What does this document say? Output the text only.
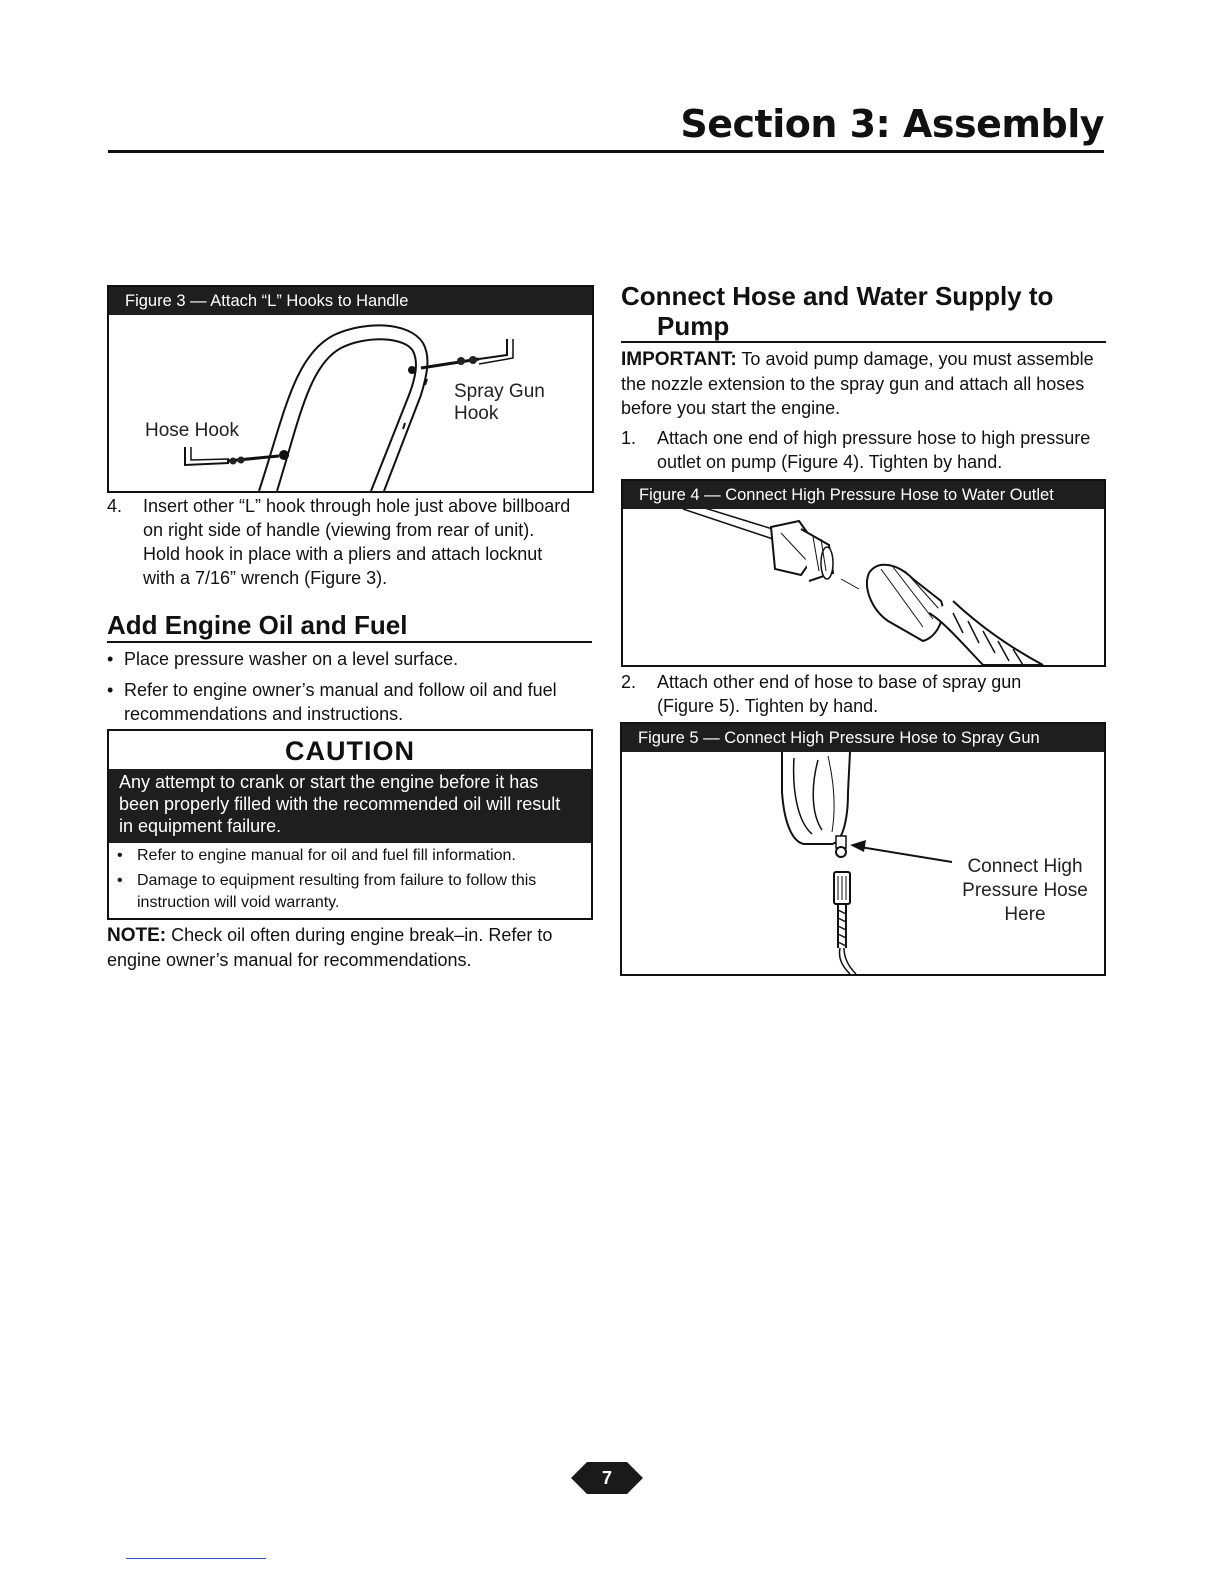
Section 3: Assembly
Figure 3 — Attach “L” Hooks to Handle
Spray Gun
Hook
Hose Hook
4. Insert other “L” hook through hole just above billboard
on right side of handle (viewing from rear of unit).
Hold hook in place with a pliers and attach locknut
with a 7/16” wrench (Figure 3).
Add Engine Oil and Fuel
• Place pressure washer on a level surface.
• Refer to engine owner’s manual and follow oil and fuel
recommendations and instructions.
CAUTION
Any attempt to crank or start the engine before it has
been properly filled with the recommended oil will result
in equipment failure.
• Refer to engine manual for oil and fuel fill information.
• Damage to equipment resulting from failure to follow this
instruction will void warranty.
NOTE: Check oil often during engine break–in. Refer to
engine owner’s manual for recommendations.
Connect Hose and Water Supply to
Pump
IMPORTANT: To avoid pump damage, you must assemble
the nozzle extension to the spray gun and attach all hoses
before you start the engine.
1. Attach one end of high pressure hose to high pressure
outlet on pump (Figure 4). Tighten by hand.
Figure 4 — Connect High Pressure Hose to Water Outlet
2. Attach other end of hose to base of spray gun
(Figure 5). Tighten by hand.
Figure 5 — Connect High Pressure Hose to Spray Gun
Connect High
Pressure Hose
Here
7
